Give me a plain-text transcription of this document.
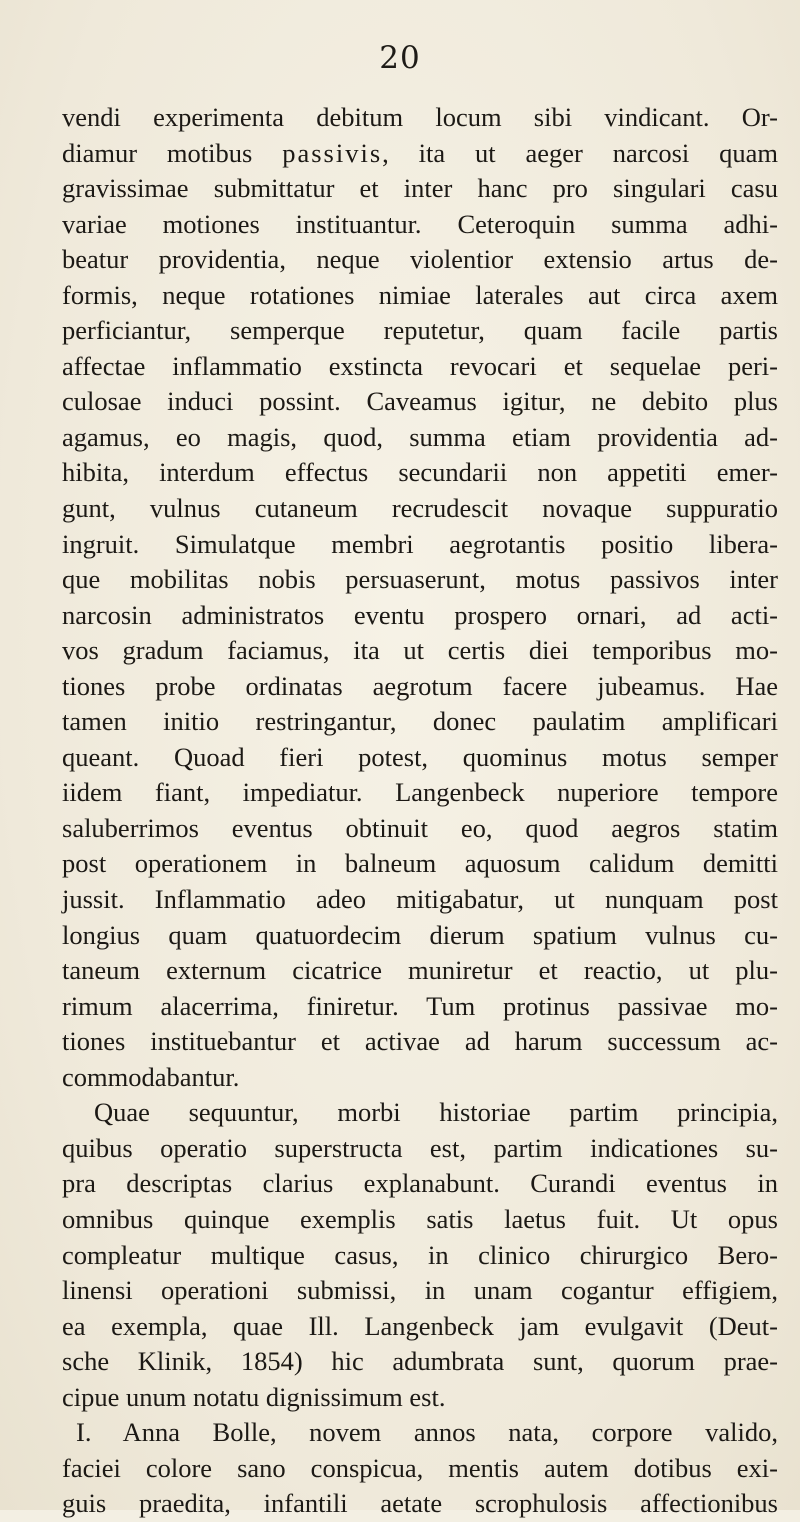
20
vendi experimenta debitum locum sibi vindicant. Or-
diamur motibus passivis, ita ut aeger narcosi quam
gravissimae submittatur et inter hanc pro singulari casu
variae motiones instituantur. Ceteroquin summa adhi-
beatur providentia, neque violentior extensio artus de-
formis, neque rotationes nimiae laterales aut circa axem
perficiantur, semperque reputetur, quam facile partis
affectae inflammatio exstincta revocari et sequelae peri-
culosae induci possint. Caveamus igitur, ne debito plus
agamus, eo magis, quod, summa etiam providentia ad-
hibita, interdum effectus secundarii non appetiti emer-
gunt, vulnus cutaneum recrudescit novaque suppuratio
ingruit. Simulatque membri aegrotantis positio libera-
que mobilitas nobis persuaserunt, motus passivos inter
narcosin administratos eventu prospero ornari, ad acti-
vos gradum faciamus, ita ut certis diei temporibus mo-
tiones probe ordinatas aegrotum facere jubeamus. Hae
tamen initio restringantur, donec paulatim amplificari
queant. Quoad fieri potest, quominus motus semper
iidem fiant, impediatur. Langenbeck nuperiore tempore
saluberrimos eventus obtinuit eo, quod aegros statim
post operationem in balneum aquosum calidum demitti
jussit. Inflammatio adeo mitigabatur, ut nunquam post
longius quam quatuordecim dierum spatium vulnus cu-
taneum externum cicatrice muniretur et reactio, ut plu-
rimum alacerrima, finiretur. Tum protinus passivae mo-
tiones instituebantur et activae ad harum successum ac-
commodabantur.
Quae sequuntur, morbi historiae partim principia,
quibus operatio superstructa est, partim indicationes su-
pra descriptas clarius explanabunt. Curandi eventus in
omnibus quinque exemplis satis laetus fuit. Ut opus
compleatur multique casus, in clinico chirurgico Bero-
linensi operationi submissi, in unam cogantur effigiem,
ea exempla, quae Ill. Langenbeck jam evulgavit (Deut-
sche Klinik, 1854) hic adumbrata sunt, quorum prae-
cipue unum notatu dignissimum est.
I. Anna Bolle, novem annos nata, corpore valido,
faciei colore sano conspicua, mentis autem dotibus exi-
guis praedita, infantili aetate scrophulosis affectionibus
